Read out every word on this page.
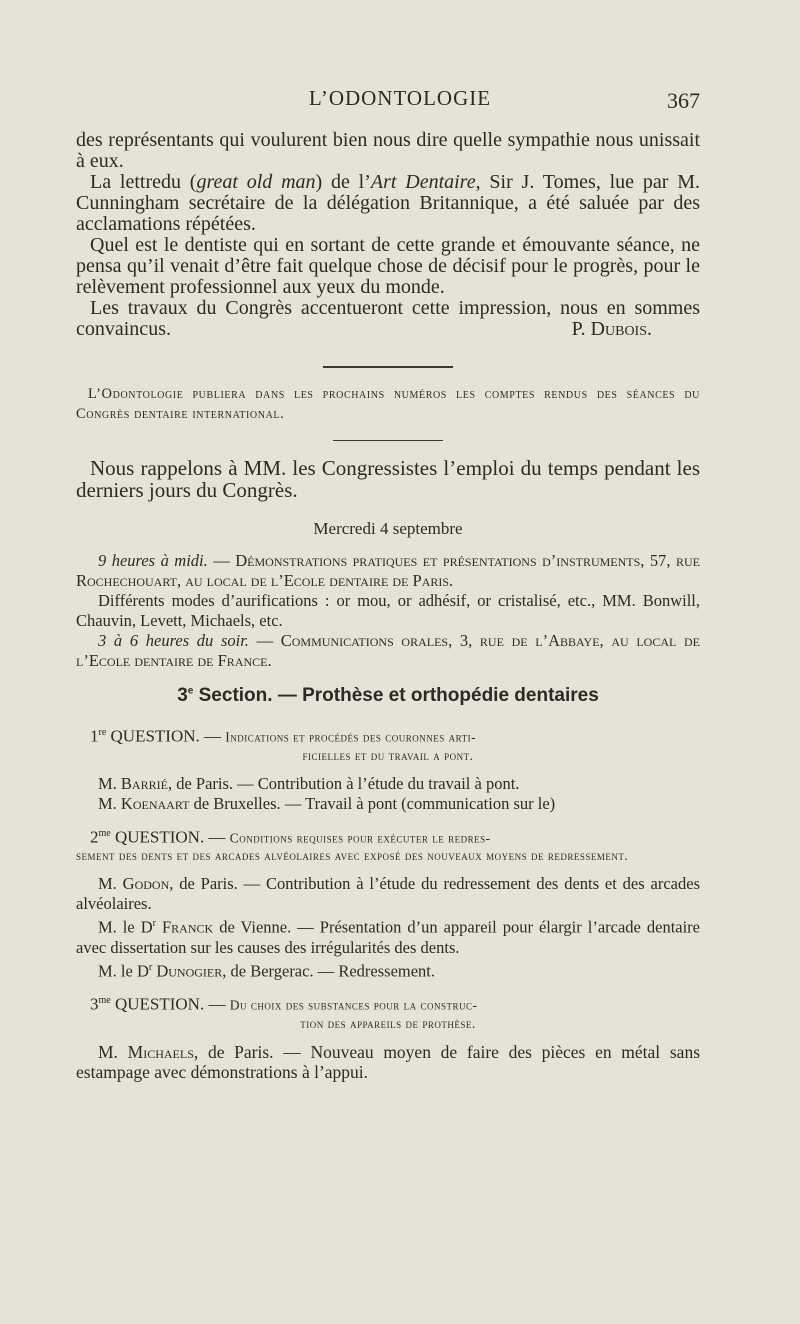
L’ODONTOLOGIE	367

des représentants qui voulurent bien nous dire quelle sympathie nous unissait à eux.

La lettredu (great old man) de l’Art Dentaire, Sir J. Tomes, lue par M. Cunningham secrétaire de la délégation Britannique, a été saluée par des acclamations répétées.

Quel est le dentiste qui en sortant de cette grande et émouvante séance, ne pensa qu’il venait d’être fait quelque chose de décisif pour le progrès, pour le relèvement professionnel aux yeux du monde.

Les travaux du Congrès accentueront cette impression, nous en sommes convaincus.	P. Dubois.

L’Odontologie publiera dans les prochains numéros les comptes rendus des séances du Congrès dentaire international.

Nous rappelons à MM. les Congressistes l’emploi du temps pendant les derniers jours du Congrès.

Mercredi 4 septembre

9 heures à midi. — Démonstrations pratiques et présentations d’instruments, 57, rue Rochechouart, au local de l’Ecole dentaire de Paris.

Différents modes d’aurifications : or mou, or adhésif, or cristalisé, etc., MM. Bonwill, Chauvin, Levett, Michaels, etc.

3 à 6 heures du soir. — Communications orales, 3, rue de l’Abbaye, au local de l’Ecole dentaire de France.

3e Section. — Prothèse et orthopédie dentaires

1re QUESTION. — Indications et procédés des couronnes arti-

ficielles et du travail a pont.

M. Barrié, de Paris. — Contribution à l’étude du travail à pont.

M. Koenaart de Bruxelles. — Travail à pont (communication sur le)

$2^{me}$ QUESTION. — Conditions requises pour exécuter le redres-

sement des dents et des arcades alvéolaires avec exposé des nouveaux moyens de redressement.

M. Godon, de Paris. — Contribution à l’étude du redressement des dents et des arcades alvéolaires.

M. le $D^r$ Franck de Vienne. — Présentation d’un appareil pour élargir l’arcade dentaire avec dissertation sur les causes des irrégularités des dents.

M. le $D^r$ Dunogier, de Bergerac. — Redressement.

$3^{me}$ QUESTION. — Du choix des substances pour la construc-

tion des appareils de prothèse.

M. Michaels, de Paris. — Nouveau moyen de faire des pièces en métal sans estampage avec démonstrations à l’appui.
